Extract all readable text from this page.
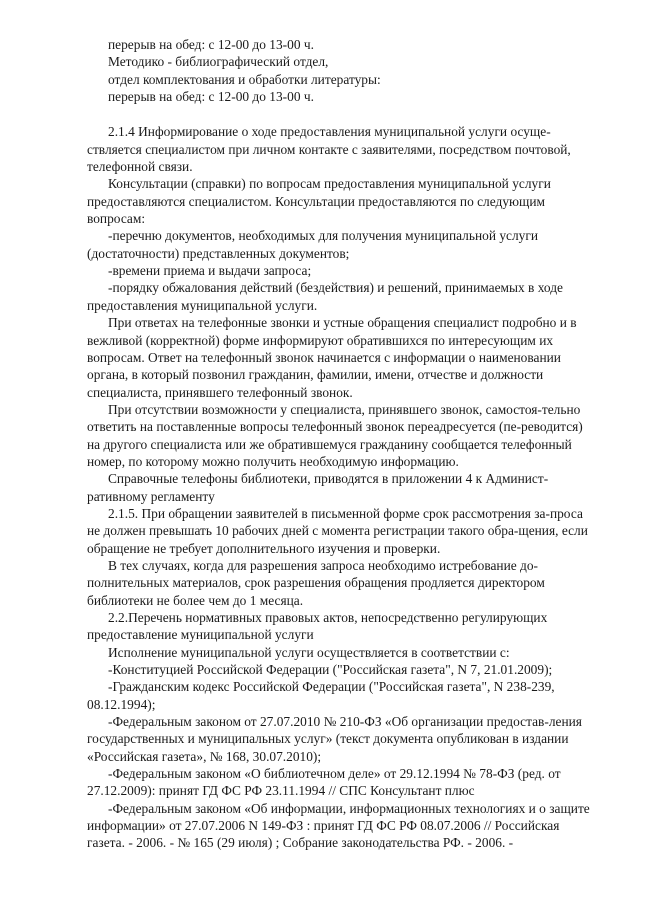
перерыв на обед: с 12-00 до 13-00 ч.

Методико - библиографический отдел,

отдел комплектования и обработки литературы:

перерыв на обед: с 12-00 до 13-00 ч.

2.1.4 Информирование о ходе предоставления муниципальной услуги осуще-ствляется специалистом при личном контакте с заявителями, посредством почтовой, телефонной связи.

Консультации (справки) по вопросам предоставления муниципальной услуги предоставляются специалистом. Консультации предоставляются по следующим вопросам:

-перечню документов, необходимых для получения муниципальной услуги (достаточности) представленных документов;

-времени приема и выдачи запроса;

-порядку обжалования действий (бездействия) и решений, принимаемых в ходе предоставления муниципальной услуги.

При ответах на телефонные звонки и устные обращения специалист подробно и в вежливой (корректной) форме информируют обратившихся по интересующим их вопросам. Ответ на телефонный звонок начинается с информации о наименовании органа, в который позвонил гражданин, фамилии, имени, отчестве и должности специалиста, принявшего телефонный звонок.

При отсутствии возможности у специалиста, принявшего звонок, самостоя-тельно ответить на поставленные вопросы телефонный звонок переадресуется (пе-реводится) на другого специалиста или же обратившемуся гражданину сообщается телефонный номер, по которому можно получить необходимую информацию.

Справочные телефоны библиотеки, приводятся в приложении 4 к Админист-ративному регламенту

2.1.5. При обращении заявителей в письменной форме срок рассмотрения за-проса не должен превышать 10 рабочих дней с момента регистрации такого обра-щения, если обращение не требует дополнительного изучения и проверки.

В тех случаях, когда для разрешения запроса необходимо истребование до-полнительных материалов, срок разрешения обращения продляется директором библиотеки не более чем до 1 месяца.

2.2.Перечень нормативных правовых актов, непосредственно регулирующих предоставление муниципальной услуги

Исполнение муниципальной услуги осуществляется в соответствии с:

-Конституцией Российской Федерации ("Российская газета", N 7, 21.01.2009);

-Гражданским кодекс Российской Федерации ("Российская газета", N 238-239, 08.12.1994);

-Федеральным законом от 27.07.2010 № 210-ФЗ «Об организации предостав-ления государственных и муниципальных услуг» (текст документа опубликован в издании «Российская газета», № 168, 30.07.2010);

-Федеральным законом «О библиотечном деле» от 29.12.1994 № 78-ФЗ (ред. от 27.12.2009): принят ГД ФС РФ 23.11.1994 // СПС Консультант плюс

-Федеральным законом «Об информации, информационных технологиях и о защите информации» от 27.07.2006 N 149-ФЗ : принят ГД ФС РФ 08.07.2006 // Российская газета. - 2006. - № 165 (29 июля) ; Собрание законодательства РФ. - 2006. -
